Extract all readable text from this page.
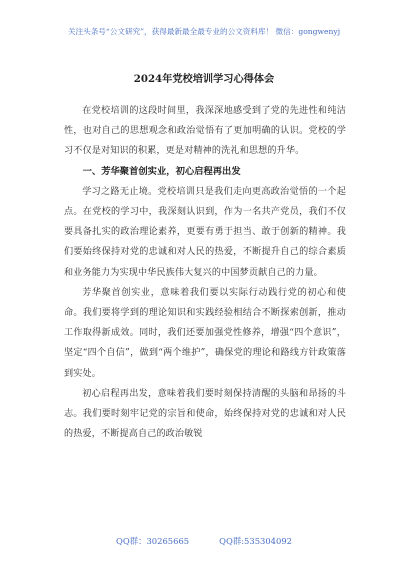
关注头条号“公文研究”，获得最新最全最专业的公文资料库！ 微信：gongwenyj
2024年党校培训学习心得体会

在党校培训的这段时间里，我深深地感受到了党的先进性和纯洁性，也对自己的思想观念和政治觉悟有了更加明确的认识。党校的学习不仅是对知识的积累，更是对精神的洗礼和思想的升华。

一、芳华聚首创实业，初心启程再出发

学习之路无止境。党校培训只是我们走向更高政治觉悟的一个起点。在党校的学习中，我深刻认识到，作为一名共产党员，我们不仅要具备扎实的政治理论素养，更要有勇于担当、敢于创新的精神。我们要始终保持对党的忠诚和对人民的热爱，不断提升自己的综合素质和业务能力为实现中华民族伟大复兴的中国梦贡献自己的力量。

芳华聚首创实业，意味着我们要以实际行动践行党的初心和使命。我们要将学到的理论知识和实践经验相结合不断探索创新，推动工作取得新成效。同时，我们还要加强党性修养，增强“四个意识”，坚定“四个自信”，做到“两个维护”，确保党的理论和路线方针政策落到实处。

初心启程再出发，意味着我们要时刻保持清醒的头脑和昂扬的斗志。我们要时刻牢记党的宗旨和使命，始终保持对党的忠诚和对人民的热爱，不断提高自己的政治敏锐

QQ群：30265665	QQ群:535304092
